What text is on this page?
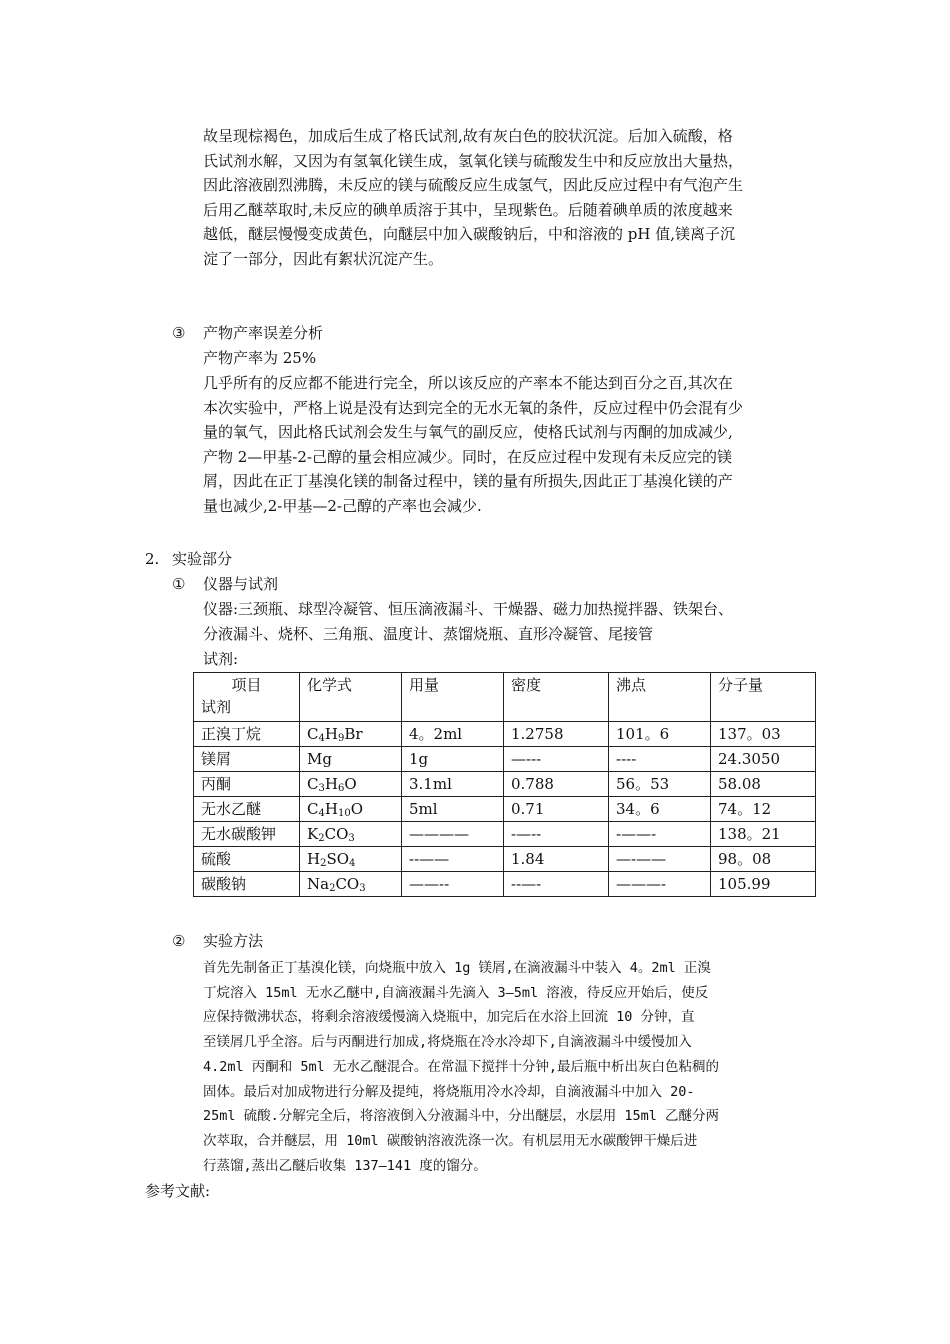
故呈现棕褐色，加成后生成了格氏试剂,故有灰白色的胶状沉淀。后加入硫酸，格

氏试剂水解，又因为有氢氧化镁生成，氢氧化镁与硫酸发生中和反应放出大量热，

因此溶液剧烈沸腾，未反应的镁与硫酸反应生成氢气，因此反应过程中有气泡产生

后用乙醚萃取时,未反应的碘单质溶于其中，呈现紫色。后随着碘单质的浓度越来

越低，醚层慢慢变成黄色，向醚层中加入碳酸钠后，中和溶液的 pH 值,镁离子沉

淀了一部分，因此有絮状沉淀产生。

③ 产物产率误差分析
产物产率为 25%

几乎所有的反应都不能进行完全，所以该反应的产率本不能达到百分之百,其次在

本次实验中，严格上说是没有达到完全的无水无氧的条件，反应过程中仍会混有少

量的氧气，因此格氏试剂会发生与氧气的副反应，使格氏试剂与丙酮的加成减少,

产物 2—甲基-2-己醇的量会相应减少。同时，在反应过程中发现有未反应完的镁

屑，因此在正丁基溴化镁的制备过程中，镁的量有所损失,因此正丁基溴化镁的产

量也减少,2-甲基—2-己醇的产率也会减少.

2. 实验部分
① 仪器与试剂
仪器:三颈瓶、球型冷凝管、恒压滴液漏斗、干燥器、磁力加热搅拌器、铁架台、
分液漏斗、烧杯、三角瓶、温度计、蒸馏烧瓶、直形冷凝管、尾接管
试剂:
项目
试剂	化学式	用量	密度	沸点	分子量
正溴丁烷	$C_4H_9Br$	4。2ml	1.2758	101。6	137。03
镁屑	Mg	1g	—---	----	24.3050
丙酮	$C_3H_6O$	3.1ml	0.788	56。53	58.08
无水乙醚	$C_4H_{10}O$	5ml	0.71	34。6	74。12
无水碳酸钾	$K_2CO_3$	————	-—--	-——-	138。21
硫酸	$H_2SO_4$	--——	1.84	—-——	98。08
碳酸钠	$Na_2CO_3$	——--	--—-	———-	105.99
② 实验方法

首先先制备正丁基溴化镁，向烧瓶中放入 1g 镁屑,在滴液漏斗中装入 4。2ml 正溴

丁烷溶入 15ml 无水乙醚中,自滴液漏斗先滴入 3—5ml 溶液，待反应开始后，使反

应保持微沸状态，将剩余溶液缓慢滴入烧瓶中，加完后在水浴上回流 10 分钟，直

至镁屑几乎全溶。后与丙酮进行加成,将烧瓶在冷水冷却下,自滴液漏斗中缓慢加入

4.2ml 丙酮和 5ml 无水乙醚混合。在常温下搅拌十分钟,最后瓶中析出灰白色粘稠的

固体。最后对加成物进行分解及提纯，将烧瓶用冷水冷却，自滴液漏斗中加入 20-

25ml 硫酸.分解完全后，将溶液倒入分液漏斗中，分出醚层，水层用 15ml 乙醚分两

次萃取，合并醚层，用 10ml 碳酸钠溶液洗涤一次。有机层用无水碳酸钾干燥后进

行蒸馏,蒸出乙醚后收集 137—141 度的馏分。

参考文献:
